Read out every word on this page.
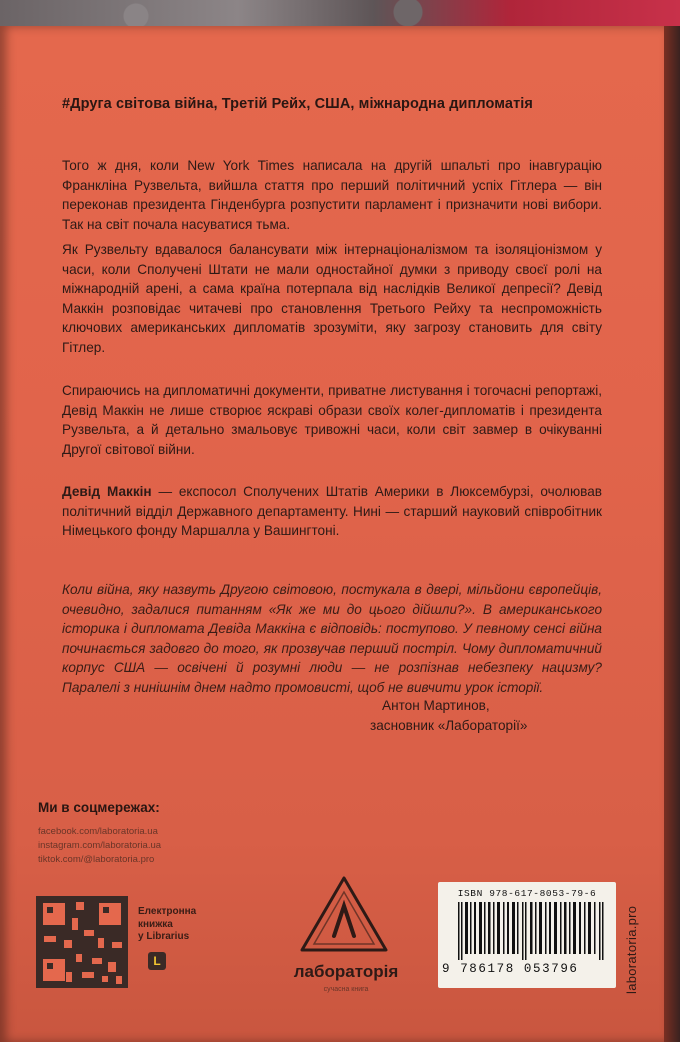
#Друга світова війна, Третій Рейх, США, міжнародна дипломатія

Того ж дня, коли New York Times написала на другій шпальті про інавгурацію Франкліна Рузвельта, вийшла стаття про перший політичний успіх Гітлера — він переконав президента Гінденбурга розпустити парламент і призначити нові вибори. Так на світ почала насуватися тьма.

Як Рузвельту вдавалося балансувати між інтернаціоналізмом та ізоляціонізмом у часи, коли Сполучені Штати не мали одностайної думки з приводу своєї ролі на міжнародній арені, а сама країна потерпала від наслідків Великої депресії? Девід Маккін розповідає читачеві про становлення Третього Рейху та неспроможність ключових американських дипломатів зрозуміти, яку загрозу становить для світу Гітлер.

Спираючись на дипломатичні документи, приватне листування і тогочасні репортажі, Девід Маккін не лише створює яскраві образи своїх колег-дипломатів і президента Рузвельта, а й детально змальовує тривожні часи, коли світ завмер в очікуванні Другої світової війни.

Девід Маккін — експосол Сполучених Штатів Америки в Люксембурзі, очолював політичний відділ Державного департаменту. Нині — старший науковий співробітник Німецького фонду Маршалла у Вашингтоні.

Коли війна, яку назвуть Другою світовою, постукала в двері, мільйони європейців, очевидно, задалися питанням «Як же ми до цього дійшли?». В американського історика і дипломата Девіда Маккіна є відповідь: поступово. У певному сенсі війна починається задовго до того, як прозвучав перший постріл. Чому дипломатичний корпус США — освічені й розумні люди — не розпізнав небезпеку нацизму? Паралелі з нинішнім днем надто промовисті, щоб не вивчити урок історії.

Антон Мартинов,
засновник «Лабораторії»
Ми в соцмережах:
facebook.com/laboratoria.ua
instagram.com/laboratoria.ua
tiktok.com/@laboratoria.pro
Електронна
книжка
у Librarius
L
лабораторія
сучасна книга
ISBN 978-617-8053-79-6
9 786178 053796	laboratoria.pro
